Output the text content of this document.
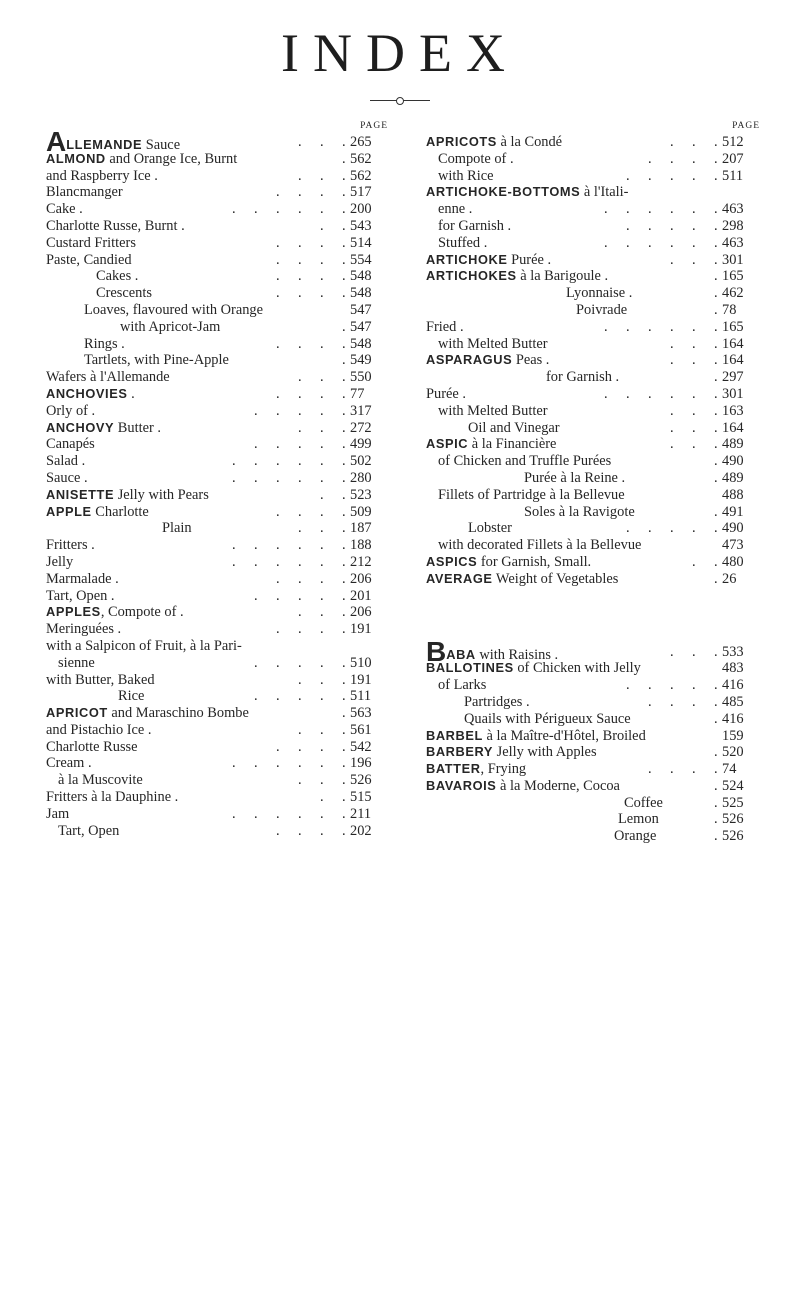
INDEX
PAGE
ALLEMANDE Sauce	265
. . .
ALMOND and Orange Ice, Burnt	562
.
and Raspberry Ice .	562
. . .
Blancmanger	517
. . . .
Cake .	200
. . . . . .
Charlotte Russe, Burnt .	543
. .
Custard Fritters	514
. . . .
Paste, Candied	554
. . . .
Cakes .	548
. . . .
Crescents	548
. . . .
Loaves, flavoured with Orange	547
with Apricot-Jam	547
.
Rings .	548
. . . .
Tartlets, with Pine-Apple	549
.
Wafers à l'Allemande	550
. . .
ANCHOVIES .	77
. . . .
Orly of .	317
. . . . .
ANCHOVY Butter .	272
. . .
Canapés	499
. . . . .
Salad .	502
. . . . . .
Sauce .	280
. . . . . .
ANISETTE Jelly with Pears	523
. .
APPLE Charlotte	509
. . . .
Plain	187
. . .
Fritters .	188
. . . . . .
Jelly	212
. . . . . .
Marmalade .	206
. . . .
Tart, Open .	201
. . . . .
APPLES, Compote of .	206
. . .
Meringuées .	191
. . . .
with a Salpicon of Fruit, à la Pari-
sienne	510
. . . . .
with Butter, Baked	191
. . .
Rice	511
. . . . .
APRICOT and Maraschino Bombe	563
.
and Pistachio Ice .	561
. . .
Charlotte Russe	542
. . . .
Cream .	196
. . . . . .
à la Muscovite	526
. . .
Fritters à la Dauphine .	515
. .
Jam	211
. . . . . .
Tart, Open	202
. . . .
PAGE
APRICOTS à la Condé	512
. . .
Compote of .	207
. . . .
with Rice	511
. . . . .
ARTICHOKE-BOTTOMS à l'Itali-
enne .	463
. . . . . .
for Garnish .	298
. . . . .
Stuffed .	463
. . . . . .
ARTICHOKE Purée .	301
. . .
ARTICHOKES à la Barigoule .	165
.
Lyonnaise .	462
.
Poivrade	78
.
Fried .	165
. . . . . .
with Melted Butter	164
. . .
ASPARAGUS Peas .	164
. . .
for Garnish .	297
.
Purée .	301
. . . . . .
with Melted Butter	163
. . .
Oil and Vinegar	164
. . .
ASPIC à la Financière	489
. . .
of Chicken and Truffle Purées	490
.
Purée à la Reine .	489
.
Fillets of Partridge à la Bellevue	488
Soles à la Ravigote	491
.
Lobster	490
. . . . .
with decorated Fillets à la Bellevue	473
ASPICS for Garnish, Small.	480
. .
AVERAGE Weight of Vegetables	26
.
BABA with Raisins .	533
. . .
BALLOTINES of Chicken with Jelly	483
of Larks	416
. . . . .
Partridges .	485
. . . .
Quails with Périgueux Sauce	416
.
BARBEL à la Maître-d'Hôtel, Broiled	159
BARBERY Jelly with Apples	520
.
BATTER, Frying	74
. . . .
BAVAROIS à la Moderne, Cocoa	524
.
Coffee	525
.
Lemon	526
.
Orange	526
.
